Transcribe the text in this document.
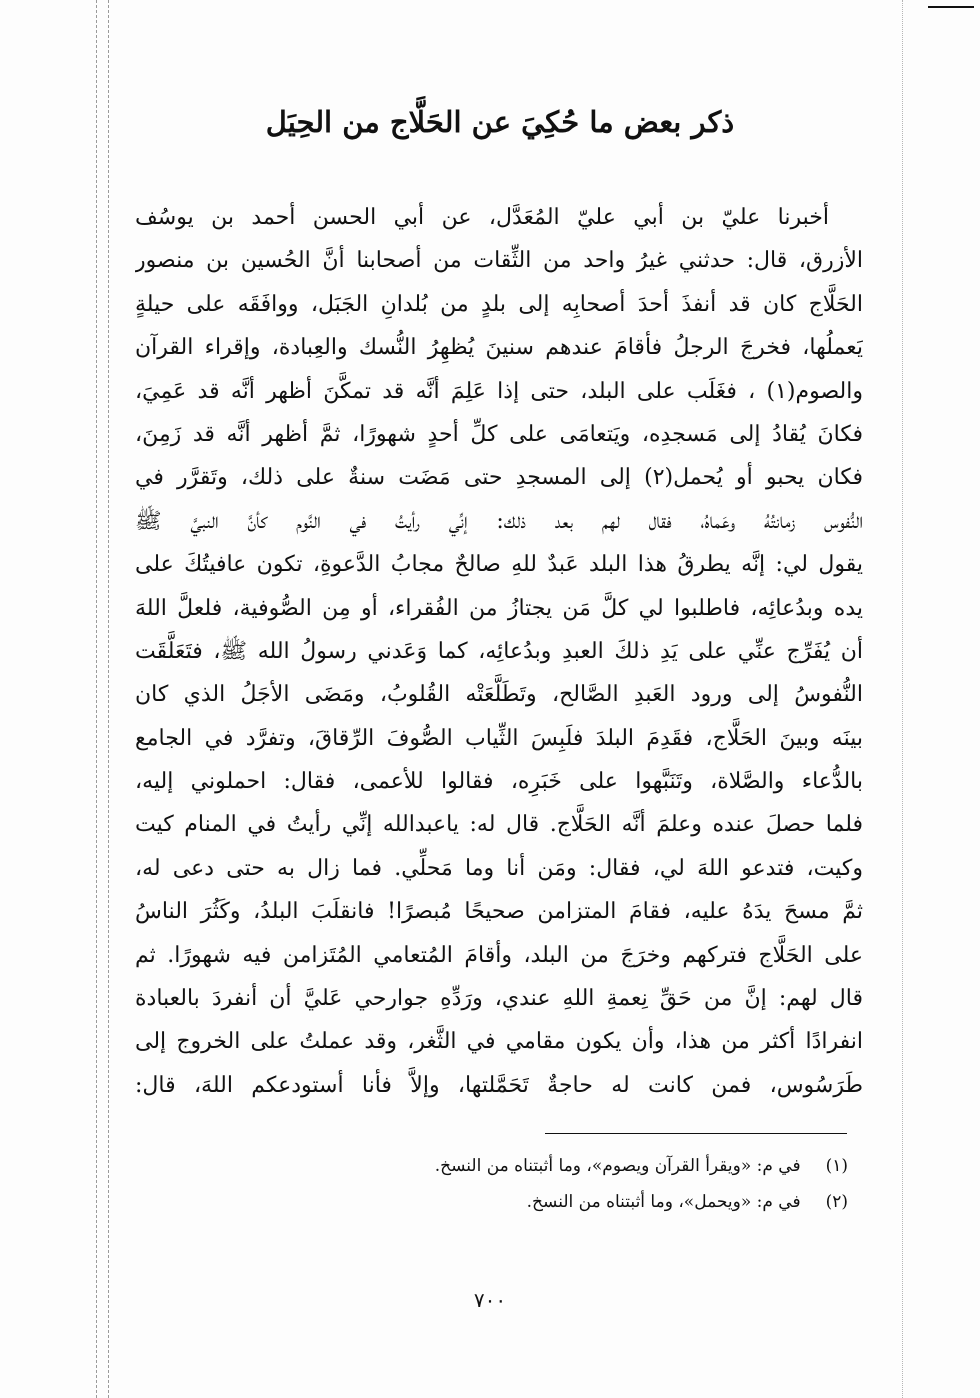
ذكر بعض ما حُكِيَ عن الحَلَّاج من الحِيَل
أخبرنا عليّ بن أبي عليّ المُعَدَّل، عن أبي الحسن أحمد بن يوسُف
الأزرق، قال: حدثني غيرُ واحد من الثِّقات من أصحابنا أنَّ الحُسين بن منصور
الحَلَّاج كان قد أنفذَ أحدَ أصحابِه إلى بلدٍ من بُلدانِ الجَبَل، ووافَقَه على حيلةٍ
يَعملُها، فخرجَ الرجلُ فأقامَ عندهم سنينَ يُظهِرُ النُّسك والعِبادة، وإقراء القرآن
والصوم(١) ، فغَلَب على البلد، حتى إذا عَلِمَ أنَّه قد تمكَّنَ أظهر أنَّه قد عَمِيَ،
فكانَ يُقادُ إلى مَسجدِه، ويَتعامَى على كلِّ أحدٍ شهورًا، ثمَّ أظهر أنَّه قد زَمِنَ،
فكان يحبو أو يُحمل(٢) إلى المسجدِ حتى مَضَت سنةٌ على ذلك، وتَقرَّر في
النُّفوس زمانتُهُ وعَماهُ، فقال لهم بعد ذلك: إنِّي رأيتُ في النَّوم كأنَّ النبيَّ ﷺ
يقول لي: إنَّه يطرقُ هذا البلد عَبدٌ للهِ صالحٌ مجابُ الدَّعوةِ، تكون عافيتُكَ على
يده وبدُعائِه، فاطلبوا لي كلَّ مَن يجتازُ من الفُقراء، أو مِن الصُّوفية، فلعلَّ اللهَ
أن يُفَرِّج عنِّي على يَدِ ذلكَ العبدِ وبدُعائِه، كما وَعَدني رسولُ الله ﷺ، فتَعَلَّقَت
النُّفوسُ إلى ورود العَبدِ الصَّالح، وتَطَلَّعَتْه القُلوبُ، ومَضَى الأجَلُ الذي كان
بينَه وبينَ الحَلَّاج، فقَدِمَ البلدَ فلَبِسَ الثِّياب الصُّوفَ الرِّقاقَ، وتفرَّد في الجامع
بالدُّعاء والصَّلاة، وتَنَبَّهوا على خَبَرِه، فقالوا للأعمى، فقال: احملوني إليه،
فلما حصلَ عنده وعلمَ أنَّه الحَلَّاج. قال له: ياعبدالله إنِّي رأيتُ في المنام كيت
وكيت، فتدعو اللهَ لي، فقال: ومَن أنا وما مَحلِّي. فما زال به حتى دعى له،
ثمَّ مسحَ يدَهُ عليه، فقامَ المتزامن صحيحًا مُبصرًا! فانقلَبَ البلدُ، وكَثُرَ الناسُ
على الحَلَّاج فتركهم وخرَجَ من البلد، وأقامَ المُتعامي المُتَزامن فيه شهورًا. ثم
قال لهم: إنَّ من حَقِّ نِعمةِ اللهِ عندي، ورَدِّهِ جوارحي عَليَّ أن أنفردَ بالعبادة
انفرادًا أكثر من هذا، وأن يكون مقامي في الثَّغر، وقد عملتُ على الخروج إلى
طَرَسُوس، فمن كانت له حاجةٌ تَحَمَّلتها، وإلاَّ فأنا أستودعكم اللهَ، قال:
(١) في م: «ويقرأ القرآن ويصوم»، وما أثبتناه من النسخ.
(٢) في م: «ويحمل»، وما أثبتناه من النسخ.
٧٠٠
